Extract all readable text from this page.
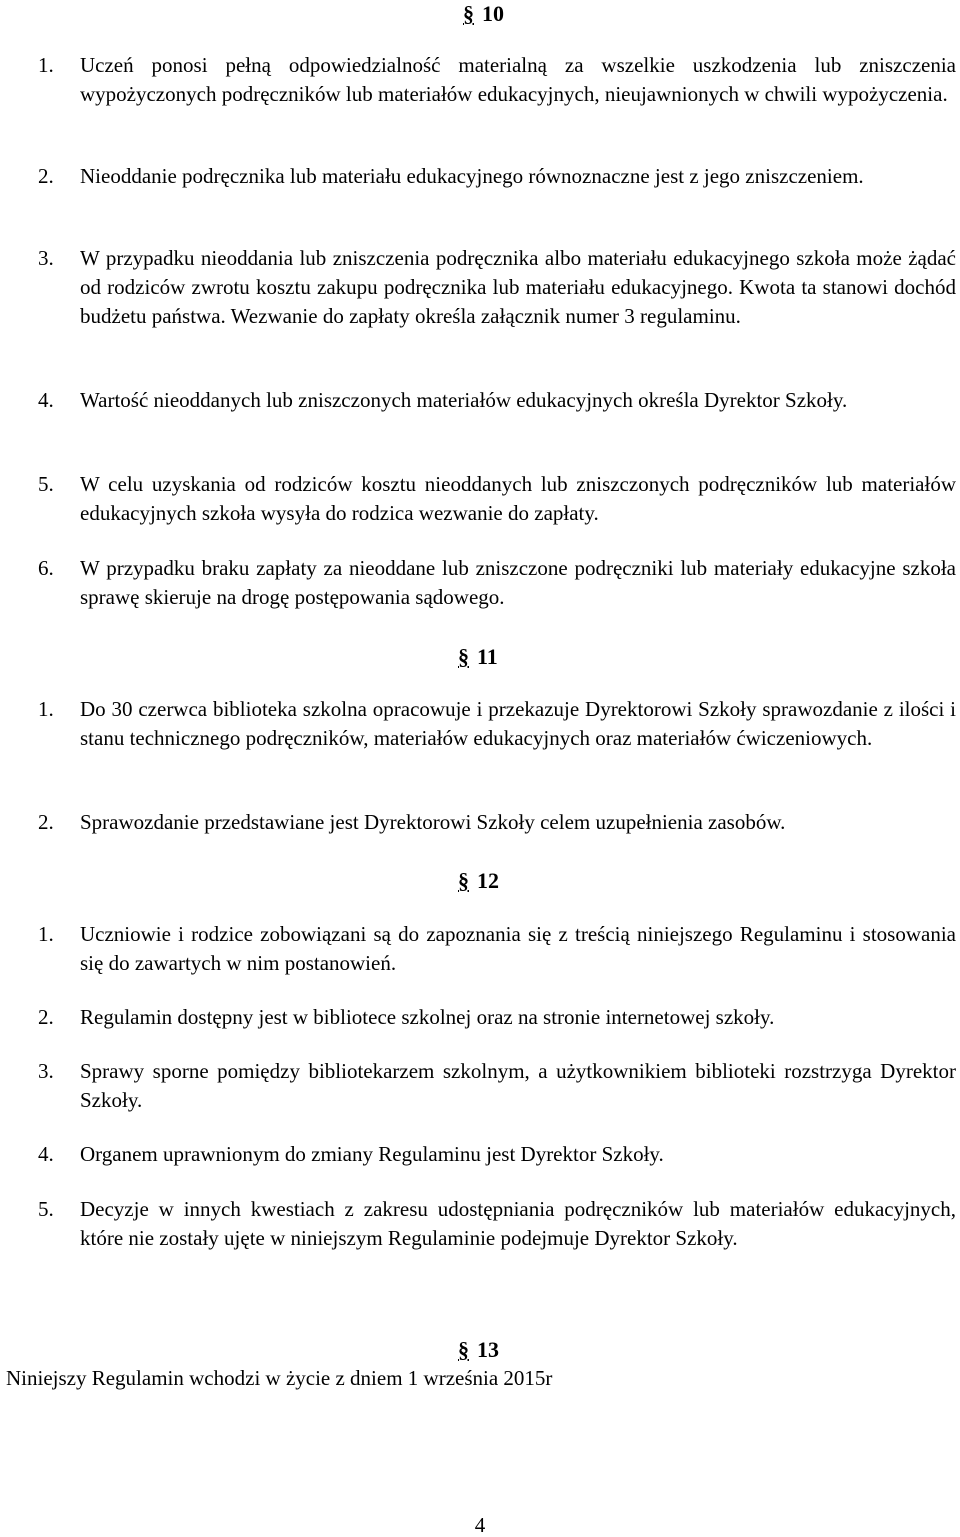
§ 10
1. Uczeń ponosi pełną odpowiedzialność materialną za wszelkie uszkodzenia lub zniszczenia wypożyczonych podręczników lub materiałów edukacyjnych, nieujawnionych w chwili wypożyczenia.
2. Nieoddanie podręcznika lub materiału edukacyjnego równoznaczne jest z jego zniszczeniem.
3. W przypadku nieoddania lub zniszczenia podręcznika albo materiału edukacyjnego szkoła może żądać od rodziców zwrotu kosztu zakupu podręcznika lub materiału edukacyjnego. Kwota ta stanowi dochód budżetu państwa. Wezwanie do zapłaty określa załącznik numer 3 regulaminu.
4. Wartość nieoddanych lub zniszczonych materiałów edukacyjnych określa Dyrektor Szkoły.
5. W celu uzyskania od rodziców kosztu nieoddanych lub zniszczonych podręczników lub materiałów edukacyjnych szkoła wysyła do rodzica wezwanie do zapłaty.
6. W przypadku braku zapłaty za nieoddane lub zniszczone podręczniki lub materiały edukacyjne szkoła sprawę skieruje na drogę postępowania sądowego.
§ 11
1. Do 30 czerwca biblioteka szkolna opracowuje i przekazuje Dyrektorowi Szkoły sprawozdanie z ilości i stanu technicznego podręczników, materiałów edukacyjnych oraz materiałów ćwiczeniowych.
2. Sprawozdanie przedstawiane jest Dyrektorowi Szkoły celem uzupełnienia zasobów.
§ 12
1. Uczniowie i rodzice zobowiązani są do zapoznania się z treścią niniejszego Regulaminu i stosowania się do zawartych w nim postanowień.
2. Regulamin dostępny jest w bibliotece szkolnej oraz na stronie internetowej szkoły.
3. Sprawy sporne pomiędzy bibliotekarzem szkolnym, a użytkownikiem biblioteki rozstrzyga Dyrektor Szkoły.
4. Organem uprawnionym do zmiany Regulaminu jest Dyrektor Szkoły.
5. Decyzje w innych kwestiach z zakresu udostępniania podręczników lub materiałów edukacyjnych, które nie zostały ujęte w niniejszym Regulaminie podejmuje Dyrektor Szkoły.
§ 13
Niniejszy Regulamin wchodzi w życie z dniem 1 września 2015r
4
